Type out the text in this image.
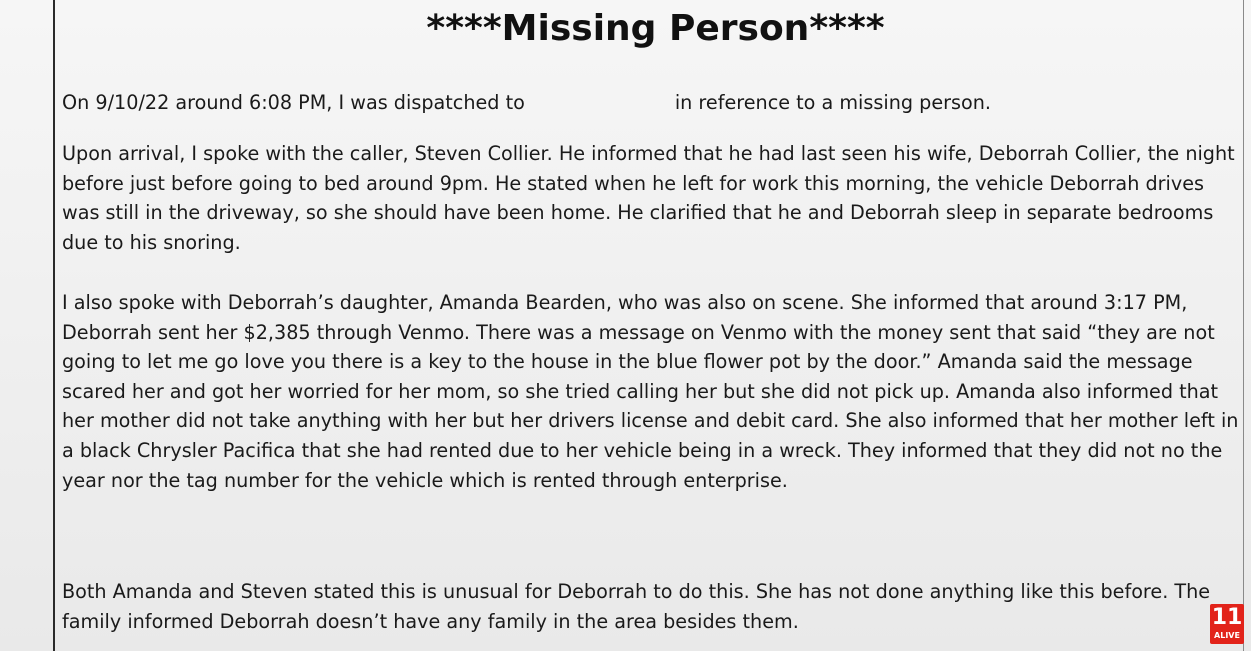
****Missing Person****
On 9/10/22 around 6:08 PM, I was dispatched to	in reference to a missing person.
Upon arrival, I spoke with the caller, Steven Collier. He informed that he had last seen his wife, Deborrah Collier, the night before just before going to bed around 9pm. He stated when he left for work this morning, the vehicle Deborrah drives was still in the driveway, so she should have been home. He clarified that he and Deborrah sleep in separate bedrooms due to his snoring.
I also spoke with Deborrah’s daughter, Amanda Bearden, who was also on scene. She informed that around 3:17 PM, Deborrah sent her $2,385 through Venmo. There was a message on Venmo with the money sent that said “they are not going to let me go love you there is a key to the house in the blue flower pot by the door.” Amanda said the message scared her and got her worried for her mom, so she tried calling her but she did not pick up. Amanda also informed that her mother did not take anything with her but her drivers license and debit card. She also informed that her mother left in a black Chrysler Pacifica that she had rented due to her vehicle being in a wreck. They informed that they did not no the year nor the tag number for the vehicle which is rented through enterprise.
Both Amanda and Steven stated this is unusual for Deborrah to do this. She has not done anything like this before. The family informed Deborrah doesn’t have any family in the area besides them.	11
ALIVE
